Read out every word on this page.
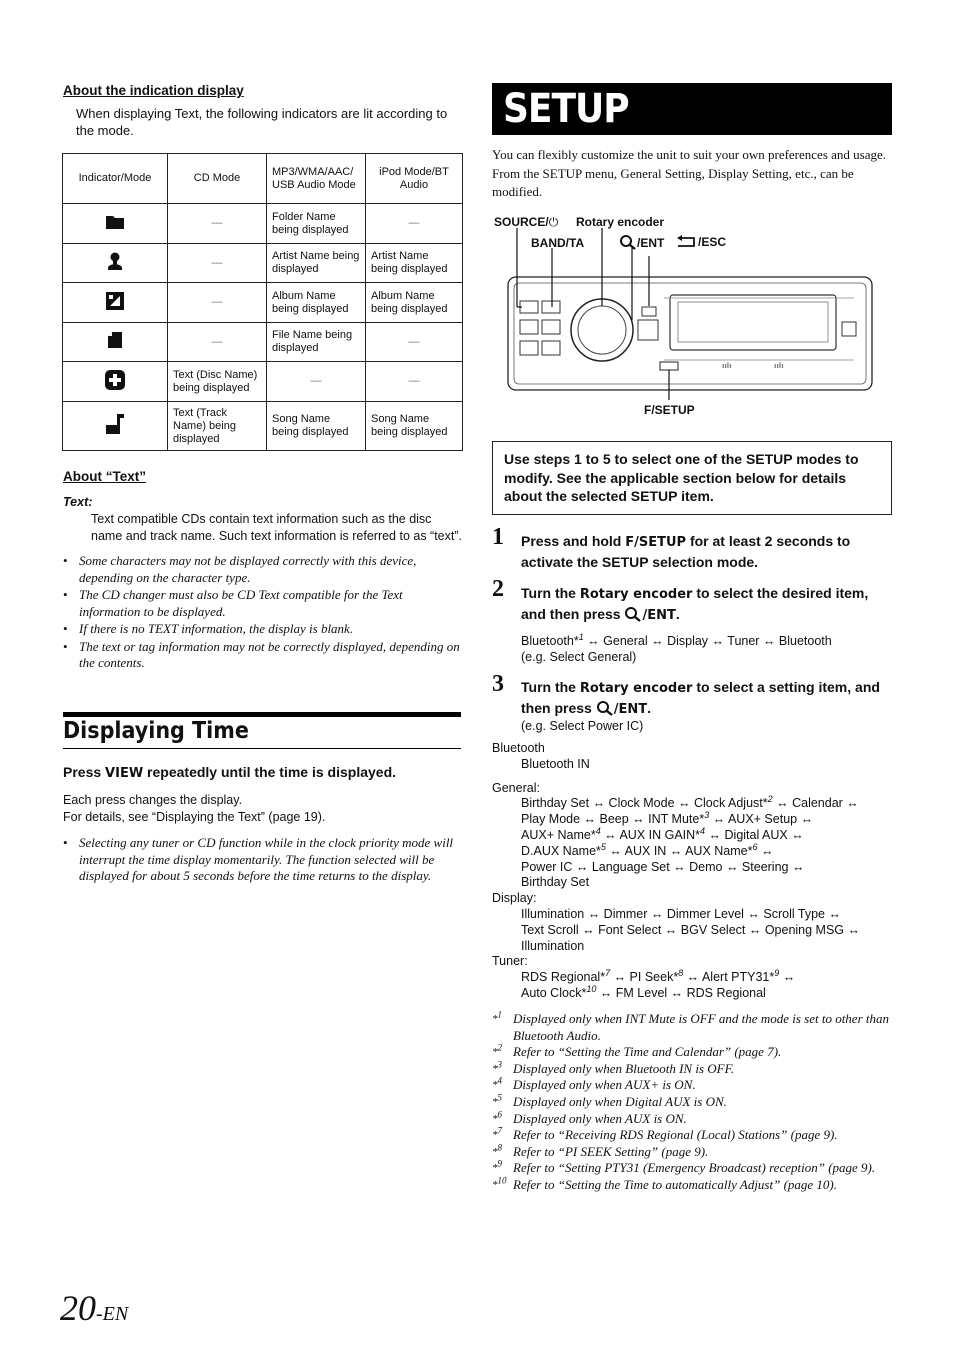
About the indication display
When displaying Text, the following indicators are lit according to the mode.
Indicator/Mode	CD Mode	MP3/WMA/AAC/ USB Audio Mode	iPod Mode/BT Audio
	—	Folder Name being displayed	—
	—	Artist Name being displayed	Artist Name being displayed
	—	Album Name being displayed	Album Name being displayed
	—	File Name being displayed	—
	Text (Disc Name) being displayed	—	—
	Text (Track Name) being displayed	Song Name being displayed	Song Name being displayed
About “Text”
Text:
Text compatible CDs contain text information such as the disc name and track name. Such text information is referred to as “text”.
• Some characters may not be displayed correctly with this device, depending on the character type.
• The CD changer must also be CD Text compatible for the Text information to be displayed.
• If there is no TEXT information, the display is blank.
• The text or tag information may not be correctly displayed, depending on the contents.
Displaying Time
Press VIEW repeatedly until the time is displayed.
Each press changes the display.
For details, see “Displaying the Text” (page 19).
• Selecting any tuner or CD function while in the clock priority mode will interrupt the time display momentarily. The function selected will be displayed for about 5 seconds before the time returns to the display.
SETUP
You can flexibly customize the unit to suit your own preferences and usage. From the SETUP menu, General Setting, Display Setting, etc., can be modified.
SOURCE/⏻ Rotary encoder
BAND/TA	/ENT	/ESC
F/SETUP
ıılı	ıılı
Use steps 1 to 5 to select one of the SETUP modes to modify. See the applicable section below for details about the selected SETUP item.
1 Press and hold F/SETUP for at least 2 seconds to activate the SETUP selection mode.
2 Turn the Rotary encoder to select the desired item, and then press /ENT.
Bluetooth*$^1$ ↔ General ↔ Display ↔ Tuner ↔ Bluetooth
(e.g. Select General)
3 Turn the Rotary encoder to select a setting item, and then press /ENT.
(e.g. Select Power IC)
Bluetooth
Bluetooth IN
General:
Birthday Set ↔ Clock Mode ↔ Clock Adjust*$^2$ ↔ Calendar ↔
Play Mode ↔ Beep ↔ INT Mute*$^3$ ↔ AUX+ Setup ↔
AUX+ Name*$^4$ ↔ AUX IN GAIN*$^4$ ↔ Digital AUX ↔
D.AUX Name*$^5$ ↔ AUX IN ↔ AUX Name*$^6$ ↔
Power IC ↔ Language Set ↔ Demo ↔ Steering ↔
Birthday Set
Display:
Illumination ↔ Dimmer ↔ Dimmer Level ↔ Scroll Type ↔
Text Scroll ↔ Font Select ↔ BGV Select ↔ Opening MSG ↔
Illumination
Tuner:
RDS Regional*$^7$ ↔ PI Seek*$^8$ ↔ Alert PTY31*$^9$ ↔
Auto Clock*$^{10}$ ↔ FM Level ↔ RDS Regional
*$^1$ Displayed only when INT Mute is OFF and the mode is set to other than Bluetooth Audio.
*$^2$ Refer to “Setting the Time and Calendar” (page 7).
*$^3$ Displayed only when Bluetooth IN is OFF.
*$^4$ Displayed only when AUX+ is ON.
*$^5$ Displayed only when Digital AUX is ON.
*$^6$ Displayed only when AUX is ON.
*$^7$ Refer to “Receiving RDS Regional (Local) Stations” (page 9).
*$^8$ Refer to “PI SEEK Setting” (page 9).
*$^9$ Refer to “Setting PTY31 (Emergency Broadcast) reception” (page 9).
*$^{10}$ Refer to “Setting the Time to automatically Adjust” (page 10).
20-EN
